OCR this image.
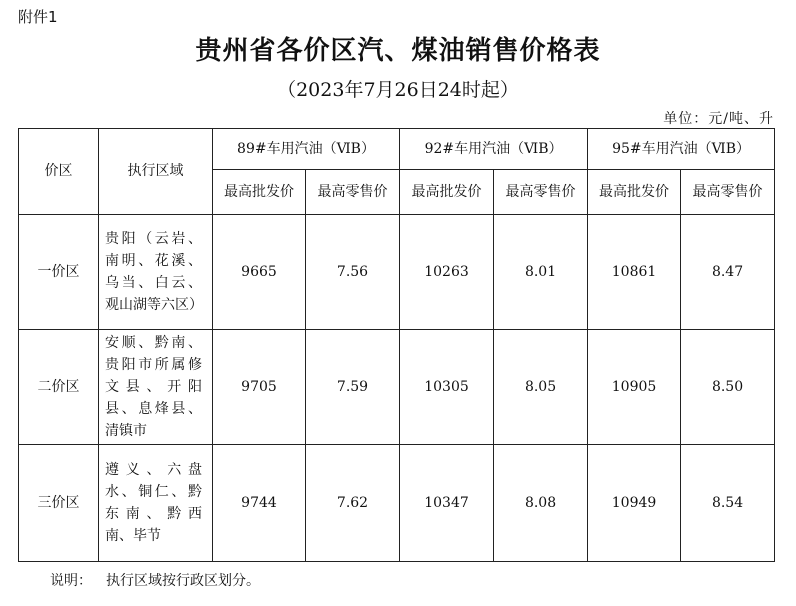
附件1
贵州省各价区汽、煤油销售价格表
（2023年7月26日24时起）
单位：元/吨、升
价区	执行区域	89#车用汽油（ⅥB）		92#车用汽油（ⅥB）		95#车用汽油（ⅥB）	
		最高批发价	最高零售价	最高批发价	最高零售价	最高批发价	最高零售价
一价区	贵阳（云岩、南明、花溪、乌当、白云、观山湖等六区）	9665	7.56	10263	8.01	10861	8.47
二价区	安顺、黔南、贵阳市所属修文县、开阳县、息烽县、清镇市	9705	7.59	10305	8.05	10905	8.50
三价区	遵义、六盘水、铜仁、黔东南、黔西南、毕节	9744	7.62	10347	8.08	10949	8.54
说明： 执行区域按行政区划分。
